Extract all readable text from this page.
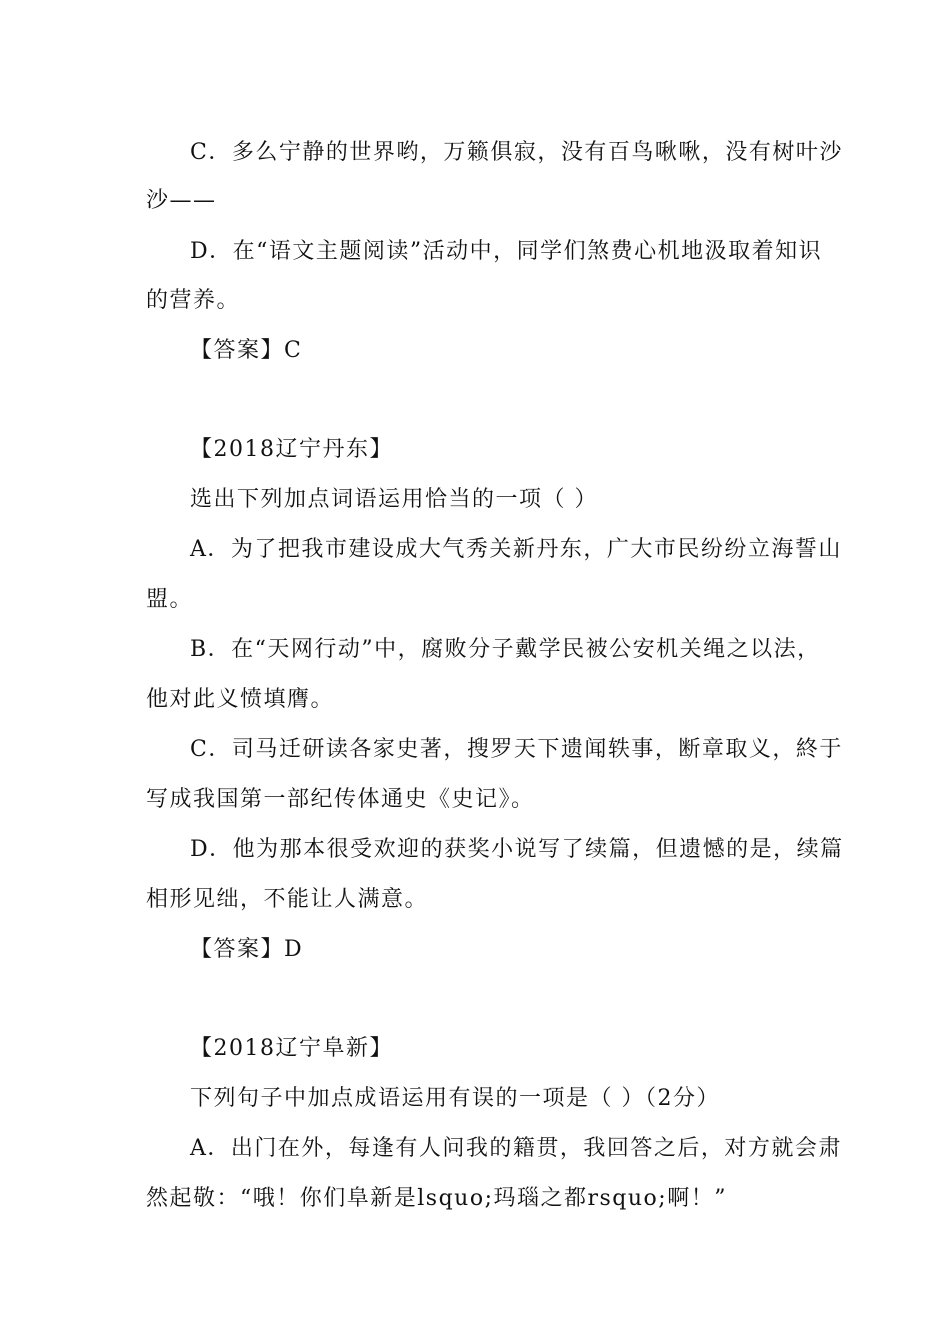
C．多么宁静的世界哟，万籁俱寂，没有百鸟啾啾，没有树叶沙
沙——
D．在“语文主题阅读”活动中，同学们煞费心机地汲取着知识
的营养。
【答案】C
【2018辽宁丹东】
选出下列加点词语运用恰当的一项（ ）
A．为了把我市建设成大气秀关新丹东，广大市民纷纷立海誓山
盟。
B．在“天网行动”中，腐败分子戴学民被公安机关绳之以法，
他对此义愤填膺。
C．司马迁研读各家史著，搜罗天下遗闻轶事，断章取义，終于
写成我国第一部纪传体通史《史记》。
D．他为那本很受欢迎的获奖小说写了续篇，但遗憾的是，续篇
相形见绌，不能让人满意。
【答案】D
【2018辽宁阜新】
下列句子中加点成语运用有误的一项是（ ）（2分）
A．出门在外，每逢有人问我的籍贯，我回答之后，对方就会肃
然起敬：“哦！你们阜新是lsquo;玛瑙之都rsquo;啊！”
